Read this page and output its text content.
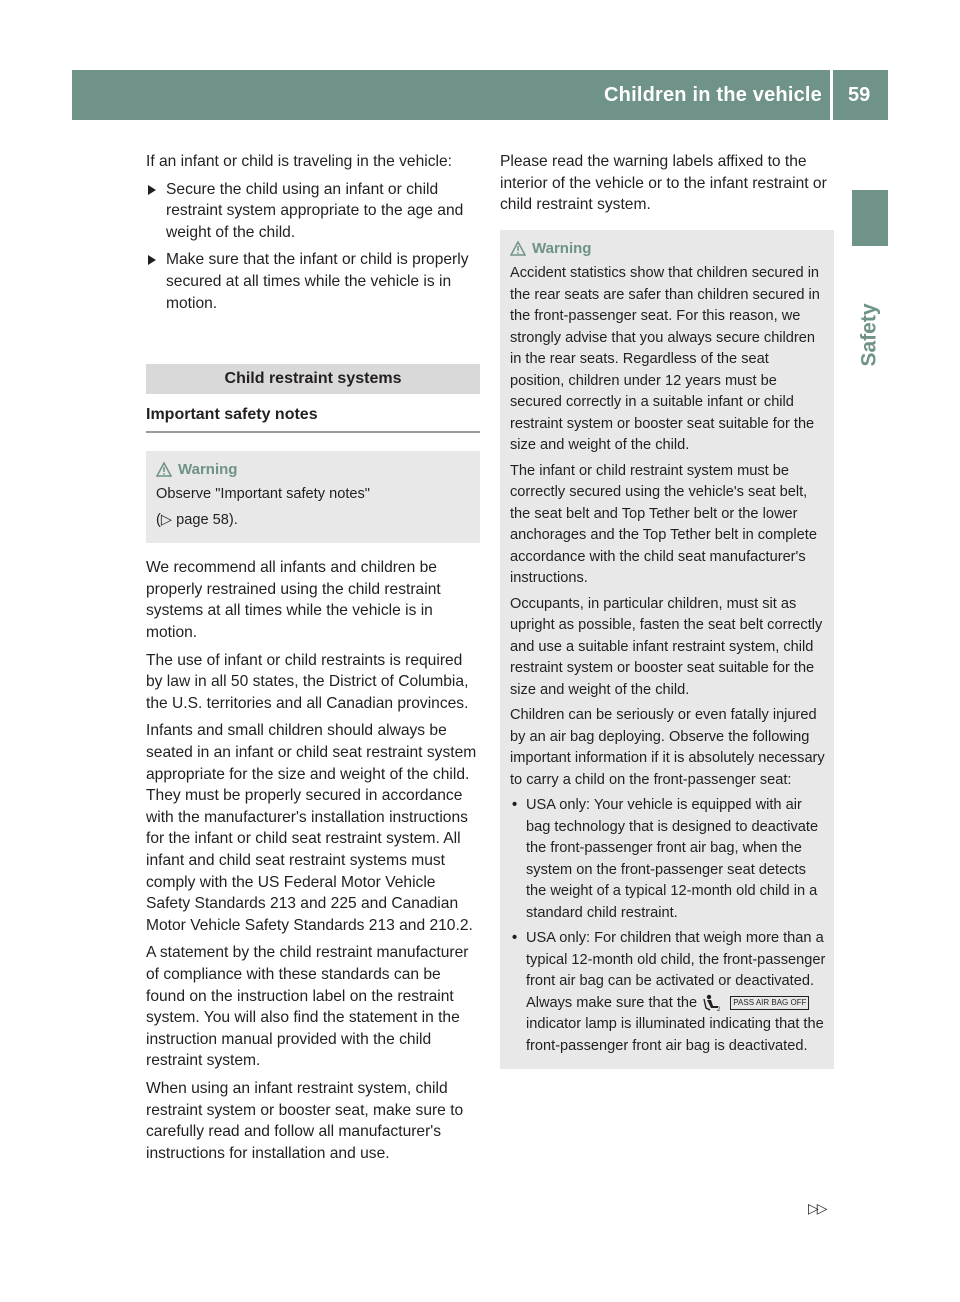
Children in the vehicle 59
Safety

If an infant or child is traveling in the vehicle:

Secure the child using an infant or child restraint system appropriate to the age and weight of the child.
Make sure that the infant or child is properly secured at all times while the vehicle is in motion.
Child restraint systems
Important safety notes
Warning

Observe "Important safety notes"

(▷ page 58).

We recommend all infants and children be properly restrained using the child restraint systems at all times while the vehicle is in motion.

The use of infant or child restraints is required by law in all 50 states, the District of Columbia, the U.S. territories and all Canadian provinces.

Infants and small children should always be seated in an infant or child seat restraint system appropriate for the size and weight of the child. They must be properly secured in accordance with the manufacturer's installation instructions for the infant or child seat restraint system. All infant and child seat restraint systems must comply with the US Federal Motor Vehicle Safety Standards 213 and 225 and Canadian Motor Vehicle Safety Standards 213 and 210.2.

A statement by the child restraint manufacturer of compliance with these standards can be found on the instruction label on the restraint system. You will also find the statement in the instruction manual provided with the child restraint system.

When using an infant restraint system, child restraint system or booster seat, make sure to carefully read and follow all manufacturer's instructions for installation and use.

Please read the warning labels affixed to the interior of the vehicle or to the infant restraint or child restraint system.

Warning

Accident statistics show that children secured in the rear seats are safer than children secured in the front-passenger seat. For this reason, we strongly advise that you always secure children in the rear seats. Regardless of the seat position, children under 12 years must be secured correctly in a suitable infant or child restraint system or booster seat suitable for the size and weight of the child.

The infant or child restraint system must be correctly secured using the vehicle's seat belt, the seat belt and Top Tether belt or the lower anchorages and the Top Tether belt in complete accordance with the child seat manufacturer's instructions.

Occupants, in particular children, must sit as upright as possible, fasten the seat belt correctly and use a suitable infant restraint system, child restraint system or booster seat suitable for the size and weight of the child.

Children can be seriously or even fatally injured by an air bag deploying. Observe the following important information if it is absolutely necessary to carry a child on the front-passenger seat:

• USA only: Your vehicle is equipped with air bag technology that is designed to deactivate the front-passenger front air bag, when the system on the front-passenger seat detects the weight of a typical 12-month old child in a standard child restraint.
• USA only: For children that weigh more than a typical 12-month old child, the front-passenger front air bag can be activated or deactivated. Always make sure that the	2
PASS AIR BAG OFF indicator lamp is illuminated indicating that the front-passenger front air bag is deactivated.
▷▷
